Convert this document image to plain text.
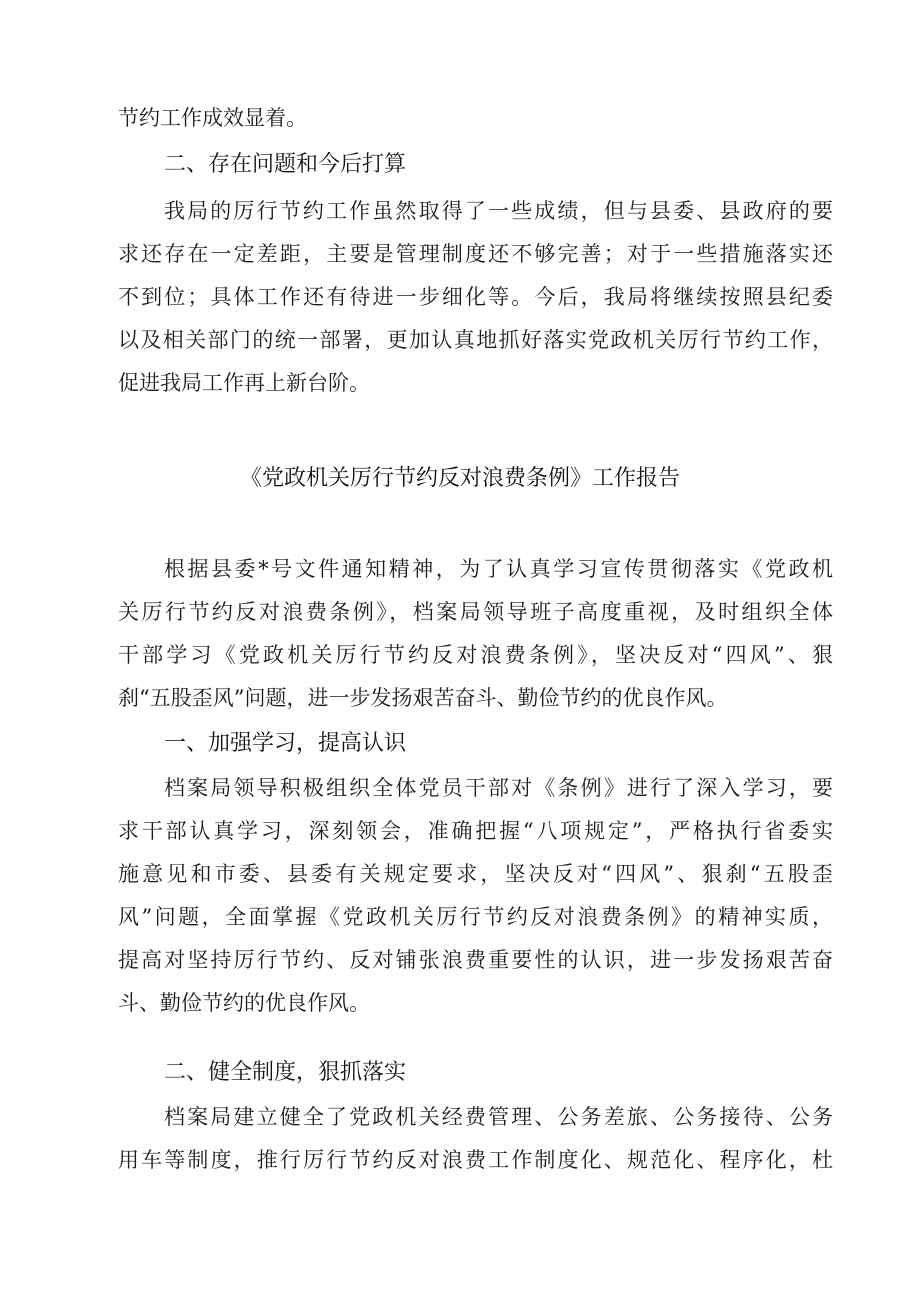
节约工作成效显着。
二、存在问题和今后打算
我局的厉行节约工作虽然取得了一些成绩，但与县委、县政府的要
求还存在一定差距，主要是管理制度还不够完善；对于一些措施落实还
不到位；具体工作还有待进一步细化等。今后，我局将继续按照县纪委
以及相关部门的统一部署，更加认真地抓好落实党政机关厉行节约工作，
促进我局工作再上新台阶。
《党政机关厉行节约反对浪费条例》工作报告
根据县委*号文件通知精神，为了认真学习宣传贯彻落实《党政机
关厉行节约反对浪费条例》，档案局领导班子高度重视，及时组织全体
干部学习《党政机关厉行节约反对浪费条例》，坚决反对“四风”、狠
刹“五股歪风”问题，进一步发扬艰苦奋斗、勤俭节约的优良作风。
一、加强学习，提高认识
档案局领导积极组织全体党员干部对《条例》进行了深入学习，要
求干部认真学习，深刻领会，准确把握“八项规定”，严格执行省委实
施意见和市委、县委有关规定要求，坚决反对“四风”、狠刹“五股歪
风”问题，全面掌握《党政机关厉行节约反对浪费条例》的精神实质，
提高对坚持厉行节约、反对铺张浪费重要性的认识，进一步发扬艰苦奋
斗、勤俭节约的优良作风。
二、健全制度，狠抓落实
档案局建立健全了党政机关经费管理、公务差旅、公务接待、公务
用车等制度，推行厉行节约反对浪费工作制度化、规范化、程序化，杜
